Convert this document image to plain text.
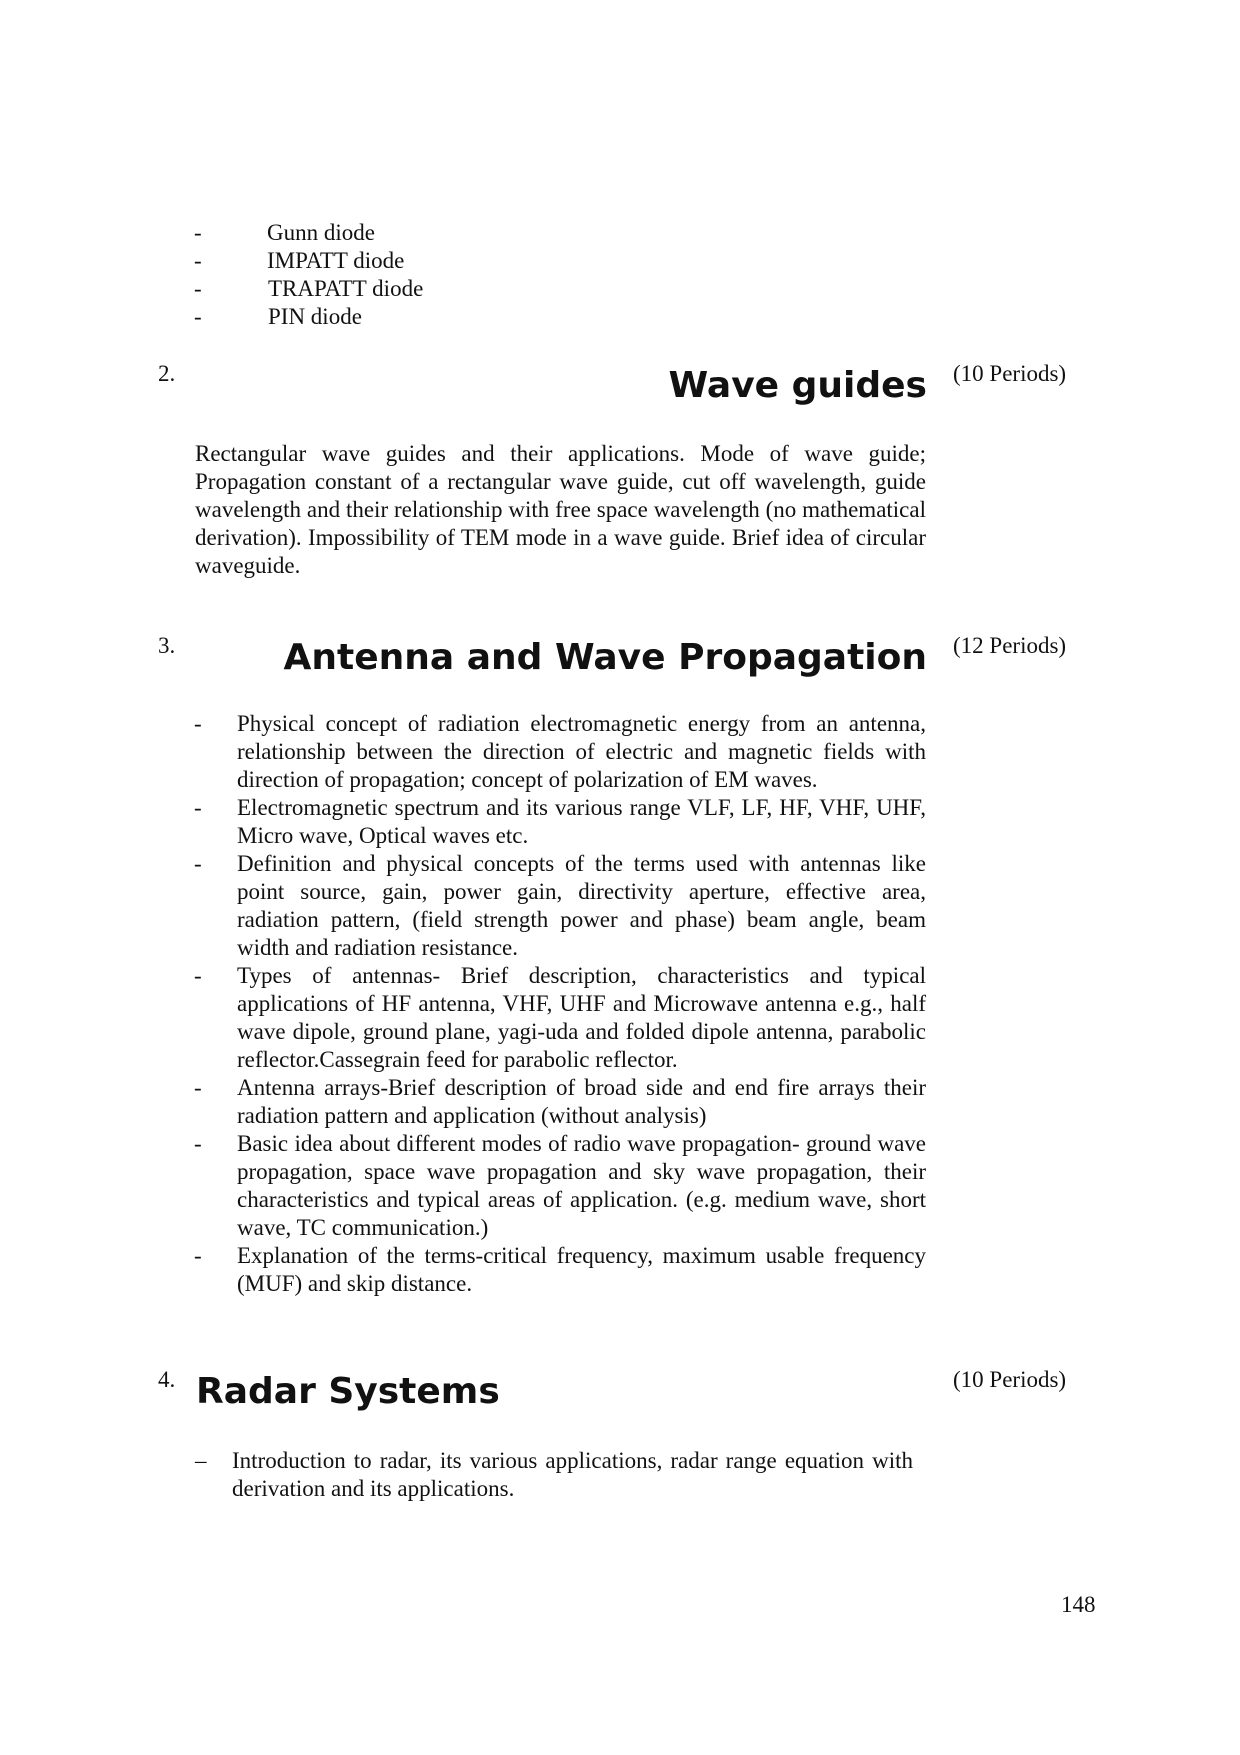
-	Gunn diode
-	IMPATT diode
-	TRAPATT diode
-	PIN diode
2.	Wave guides (10 Periods)
Rectangular wave guides and their applications. Mode of wave guide; Propagation constant of a rectangular wave guide, cut off wavelength, guide wavelength and their relationship with free space wavelength (no mathematical derivation). Impossibility of TEM mode in a wave guide. Brief idea of circular waveguide.
3.	Antenna and Wave Propagation (12 Periods)
- Physical concept of radiation electromagnetic energy from an antenna, relationship between the direction of electric and magnetic fields with direction of propagation; concept of polarization of EM waves.
- Electromagnetic spectrum and its various range VLF, LF, HF, VHF, UHF, Micro wave, Optical waves etc.
- Definition and physical concepts of the terms used with antennas like point source, gain, power gain, directivity aperture, effective area, radiation pattern, (field strength power and phase) beam angle, beam width and radiation resistance.
- Types of antennas- Brief description, characteristics and typical applications of HF antenna, VHF, UHF and Microwave antenna e.g., half wave dipole, ground plane, yagi-uda and folded dipole antenna, parabolic reflector.Cassegrain feed for parabolic reflector.
- Antenna arrays-Brief description of broad side and end fire arrays their radiation pattern and application (without analysis)
- Basic idea about different modes of radio wave propagation- ground wave propagation, space wave propagation and sky wave propagation, their characteristics and typical areas of application. (e.g. medium wave, short wave, TC communication.)
- Explanation of the terms-critical frequency, maximum usable frequency (MUF) and skip distance.
4. Radar Systems	(10 Periods)
– Introduction to radar, its various applications, radar range equation with derivation and its applications.
148
